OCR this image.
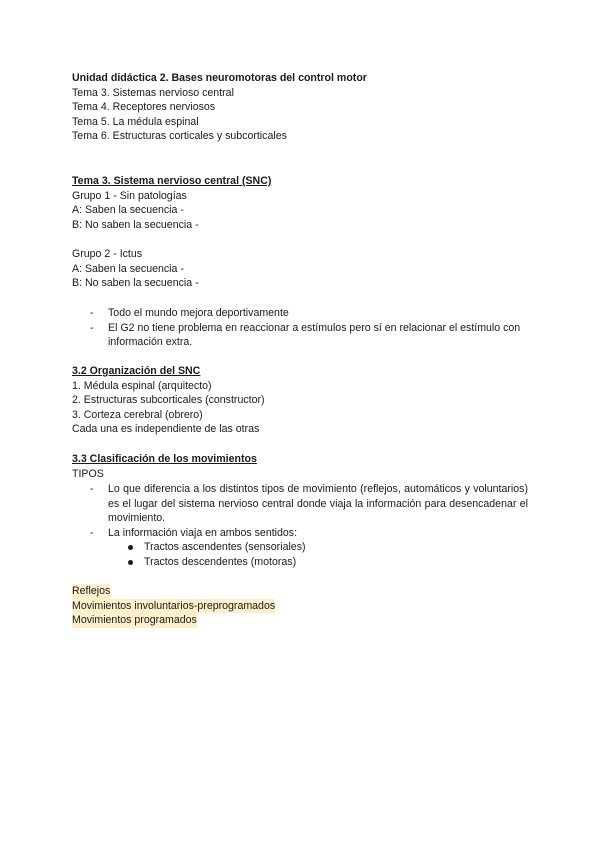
Unidad didáctica 2. Bases neuromotoras del control motor
Tema 3. Sistemas nervioso central
Tema 4. Receptores nerviosos
Tema 5. La médula espinal
Tema 6. Estructuras corticales y subcorticales
Tema 3. Sistema nervioso central (SNC)
Grupo 1 - Sin patologías
A: Saben la secuencia -
B: No saben la secuencia -
Grupo 2 - Ictus
A: Saben la secuencia -
B: No saben la secuencia -
- Todo el mundo mejora deportivamente
- El G2 no tiene problema en reaccionar a estímulos pero sí en relacionar el estímulo con información extra.
3.2 Organización del SNC
1. Médula espinal (arquitecto)
2. Estructuras subcorticales (constructor)
3. Corteza cerebral (obrero)
Cada una es independiente de las otras
3.3 Clasificación de los movimientos
TIPOS
- Lo que diferencia a los distintos tipos de movimiento (reflejos, automáticos y voluntarios) es el lugar del sistema nervioso central donde viaja la información para desencadenar el movimiento.
- La información viaja en ambos sentidos:
Tractos ascendentes (sensoriales)
Tractos descendentes (motoras)
Reflejos
Movimientos involuntarios-preprogramados
Movimientos programados
